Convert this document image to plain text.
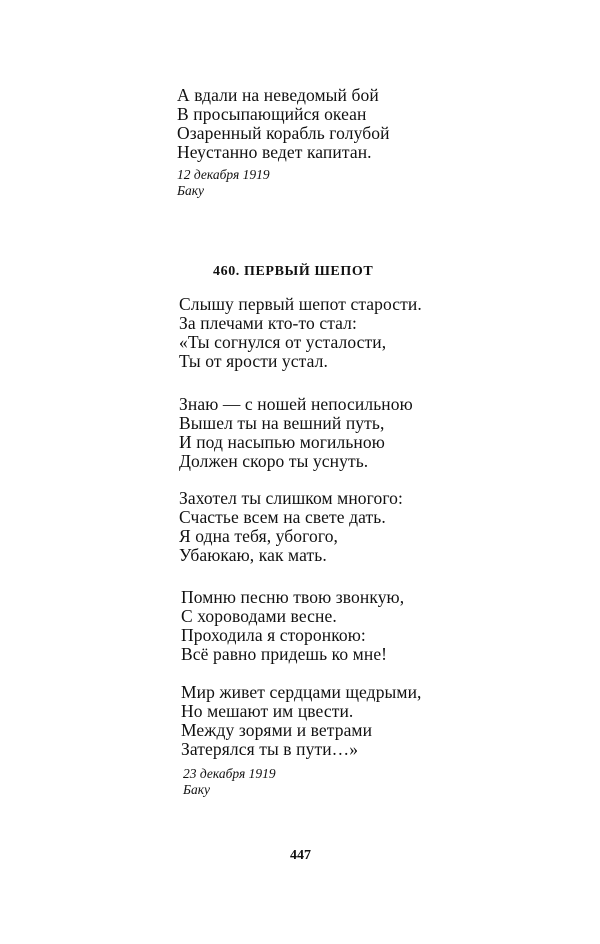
А вдали на неведомый бой
В просыпающийся океан
Озаренный корабль голубой
Неустанно ведет капитан.
12 декабря 1919
Баку
460. ПЕРВЫЙ ШЕПОТ
Слышу первый шепот старости.
За плечами кто-то стал:
«Ты согнулся от усталости,
Ты от ярости устал.
Знаю — с ношей непосильною
Вышел ты на вешний путь,
И под насыпью могильною
Должен скоро ты уснуть.
Захотел ты слишком многого:
Счастье всем на свете дать.
Я одна тебя, убогого,
Убаюкаю, как мать.
Помню песню твою звонкую,
С хороводами весне.
Проходила я сторонкою:
Всё равно придешь ко мне!
Мир живет сердцами щедрыми,
Но мешают им цвести.
Между зорями и ветрами
Затерялся ты в пути…»
23 декабря 1919
Баку
447
